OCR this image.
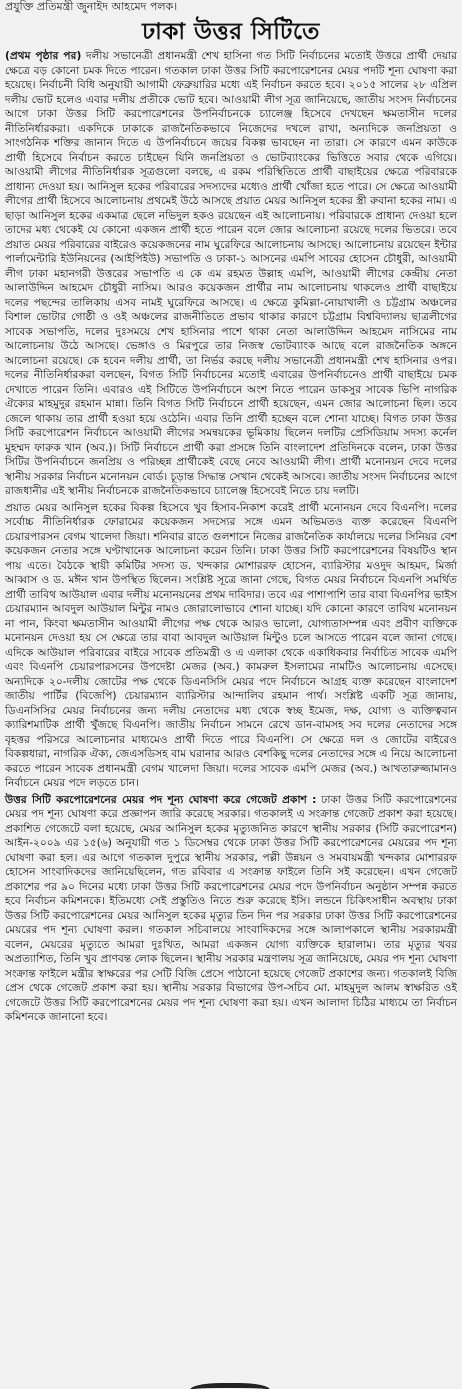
প্রযুক্তি প্রতিমন্ত্রী জুনাইদ আহমেদ পলক।
ঢাকা উত্তর সিটিতে

(প্রথম পৃষ্ঠার পর) দলীয় সভানেত্রী প্রধানমন্ত্রী শেখ হাসিনা গত সিটি নির্বাচনের মতোই উত্তরে প্রার্থী দেয়ার ক্ষেত্রে বড় কোনো চমক দিতে পারেন। গতকাল ঢাকা উত্তর সিটি করপোরেশনের মেয়র পদটি শূন্য ঘোষণা করা হয়েছে। নির্বাচনী বিধি অনুযায়ী আগামী ফেব্রুয়ারির মধ্যে এই নির্বাচন করতে হবে। ২০১৫ সালের ২৮ এপ্রিল দলীয় ভোট হলেও এবার দলীয় প্রতীকে ভোট হবে। আওয়ামী লীগ সূত্র জানিয়েছে, জাতীয় সংসদ নির্বাচনের আগে ঢাকা উত্তর সিটি করপোরেশনের উপনির্বাচনকে চ্যালেঞ্জ হিসেবে দেখছেন ক্ষমতাসীন দলের নীতিনির্ধারকরা। একদিকে ঢাকাকে রাজনৈতিকভাবে নিজেদের দখলে রাখা, অন্যদিকে জনপ্রিয়তা ও সাংগঠনিক শক্তির জানান দিতে এ উপনির্বাচনে জয়ের বিকল্প ভাবছেন না তারা। সে কারণে এমন কাউকে প্রার্থী হিসেবে নির্বাচন করতে চাইছেন যিনি জনপ্রিয়তা ও ভোটব্যাংকের ভিত্তিতে সবার থেকে এগিয়ে। আওয়ামী লীগের নীতিনির্ধারক সূত্রগুলো বলছে, এ রকম পরিস্থিতিতে প্রার্থী বাছাইয়ের ক্ষেত্রে পরিবারকে প্রাধান্য দেওয়া হয়। আনিসুল হকের পরিবারের সদস্যদের মধ্যেও প্রার্থী খোঁজা হতে পারে। সে ক্ষেত্রে আওয়ামী লীগের প্রার্থী হিসেবে আলোচনায় প্রথমেই উঠে আসছে প্রয়াত মেয়র আনিসুল হকের স্ত্রী রুবানা হকের নাম। এ ছাড়া আনিসুল হকের একমাত্র ছেলে নভিদুল হকও রয়েছেন এই আলোচনায়। পরিবারকে প্রাধান্য দেওয়া হলে তাদের মধ্য থেকেই যে কোনো একজন প্রার্থী হতে পারেন বলে জোর আলোচনা রয়েছে দলের ভিতরে। তবে প্রয়াত মেয়র পরিবারের বাইরেও কয়েকজনের নাম ঘুরেফিরে আলোচনায় আসছে। আলোচনায় রয়েছেন ইন্টার পার্লামেন্টারি ইউনিয়নের (আইপিইউ) সভাপতি ও ঢাকা-১ আসনের এমপি সাবের হোসেন চৌধুরী, আওয়ামী লীগ ঢাকা মহানগরী উত্তরের সভাপতি এ কে এম রহমত উল্লাহ এমপি, আওয়ামী লীগের কেন্দ্রীয় নেতা আলাউদ্দিন আহমেদ চৌধুরী নাসিম। আরও কয়েকজন প্রার্থীর নাম আলোচনায় থাকলেও প্রার্থী বাছাইয়ে দলের পছন্দের তালিকায় এসব নামই ঘুরেফিরে আসছে। এ ক্ষেত্রে কুমিল্লা-নোয়াখালী ও চট্টগ্রাম অঞ্চলের বিশাল ভোটার গোষ্ঠী ও ওই অঞ্চলের রাজনীতিতে প্রভাব থাকার কারণে চট্টগ্রাম বিশ্ববিদ্যালয় ছাত্রলীগের সাবেক সভাপতি, দলের দুঃসময়ে শেখ হাসিনার পাশে থাকা নেতা আলাউদ্দিন আহমেদ নাসিমের নাম আলোচনায় উঠে আসছে। ভেঙ্গাও ও মিরপুরে তার নিজস্ব ভোটব্যাংক আছে বলে রাজনৈতিক অঙ্গনে আলোচনা রয়েছে। কে হবেন দলীয় প্রার্থী, তা নির্ভর করছে দলীয় সভানেত্রী প্রধানমন্ত্রী শেখ হাসিনার ওপর। দলের নীতিনির্ধারকরা বলছেন, বিগত সিটি নির্বাচনের মতোই এবারের উপনির্বাচনেও প্রার্থী বাছাইয়ে চমক দেখাতে পারেন তিনি। এবারও এই সিটিতে উপনির্বাচনে অংশ নিতে পারেন ডাকসুর সাবেক ভিপি নাগরিক ঐক্যের মাহমুদুর রহমান মান্না। তিনি বিগত সিটি নির্বাচনে প্রার্থী হয়েছেন, এমন জোর আলোচনা ছিল। তবে জেলে থাকায় তার প্রার্থী হওয়া হয়ে ওঠেনি। এবার তিনি প্রার্থী হচ্ছেন বলে শোনা যাচ্ছে। বিগত ঢাকা উত্তর সিটি করপোরেশন নির্বাচনে আওয়ামী লীগের সমন্বয়কের ভূমিকায় ছিলেন দলটির প্রেসিডিয়াম সদস্য কর্নেল মুহম্মদ ফারুক খান (অব.)। সিটি নির্বাচনে প্রার্থী করা প্রসঙ্গে তিনি বাংলাদেশ প্রতিদিনকে বলেন, ঢাকা উত্তর সিটির উপনির্বাচনে জনপ্রিয় ও পরিচ্ছন্ন প্রার্থীকেই বেছে নেবে আওয়ামী লীগ। প্রার্থী মনোনয়ন দেবে দলের স্থানীয় সরকার নির্বাচন মনোনয়ন বোর্ড। চূড়ান্ত সিদ্ধান্ত সেখান থেকেই আসবে। জাতীয় সংসদ নির্বাচনের আগে রাজধানীর এই স্থানীয় নির্বাচনকে রাজনৈতিকভাবে চ্যালেঞ্জ হিসেবেই নিতে চায় দলটি।

প্রয়াত মেয়র আনিসুল হকের বিকল্প হিসেবে খুব হিসাব-নিকাশ করেই প্রার্থী মনোনয়ন দেবে বিএনপি। দলের সর্বোচ্চ নীতিনির্ধারক ফোরামের কয়েকজন সদস্যের সঙ্গে এমন অভিমতও ব্যক্ত করেছেন বিএনপি চেয়ারপারসন বেগম খালেদা জিয়া। শনিবার রাতে গুলশানে নিজের রাজনৈতিক কার্যালয়ে দলের সিনিয়র বেশ কয়েকজন নেতার সঙ্গে ঘণ্টাখানেক আলোচনা করেন তিনি। ঢাকা উত্তর সিটি করপোরেশনের বিষয়টিও স্থান পায় এতে। বৈঠকে স্থায়ী কমিটির সদস্য ড. খন্দকার মোশাররফ হোসেন, ব্যারিস্টার মওদুদ আহমদ, মির্জা আব্বাস ও ড. মঈন খান উপস্থিত ছিলেন। সংশ্লিষ্ট সূত্রে জানা গেছে, বিগত মেয়র নির্বাচনে বিএনপি সমর্থিত প্রার্থী তাবিথ আউয়াল এবার দলীয় মনোনয়নের প্রথম দাবিদার। তবে এর পাশাপাশি তার বাবা বিএনপির ভাইস চেয়ারম্যান আবদুল আউয়াল মিন্টুর নামও জোরালোভাবে শোনা যাচ্ছে। যদি কোনো কারণে তাবিথ মনোনয়ন না পান, কিংবা ক্ষমতাসীন আওয়ামী লীগের পক্ষ থেকে আরও ভালো, যোগ্যতাসম্পন্ন এবং প্রবীণ ব্যক্তিকে মনোনয়ন দেওয়া হয় সে ক্ষেত্রে তার বাবা আবদুল আউয়াল মিন্টুও চলে আসতে পারেন বলে জানা গেছে। এদিকে আউয়াল পরিবারের বাইরে সাবেক প্রতিমন্ত্রী ও এ এলাকা থেকে একাধিকবার নির্বাচিত সাবেক এমপি এবং বিএনপি চেয়ারপারসনের উপদেষ্টা মেজর (অব.) কামরুল ইসলামের নামটিও আলোচনায় এসেছে। অন্যদিকে ২০-দলীয় জোটের পক্ষ থেকে ডিএনসিসি মেয়র পদে নির্বাচনে আগ্রহ ব্যক্ত করেছেন বাংলাদেশ জাতীয় পার্টির (বিজেপি) চেয়ারম্যান ব্যারিস্টার আন্দালিব রহমান পার্থ। সংশ্লিষ্ট একটি সূত্র জানায়, ডিএনসিসির মেয়র নির্বাচনের জন্য দলীয় নেতাদের মধ্য থেকে স্বচ্ছ ইমেজ, দক্ষ, যোগ্য ও ব্যক্তিত্ববান ক্যারিশমাটিক প্রার্থী খুঁজছে বিএনপি। জাতীয় নির্বাচন সামনে রেখে ডান-বামসহ সব দলের নেতাদের সঙ্গে বৃহত্তর পরিসরে আলোচনার মাধ্যমেও প্রার্থী দিতে পারে বিএনপি। সে ক্ষেত্রে দল ও জোটের বাইরেও বিকল্পধারা, নাগরিক ঐক্য, জেএসডিসহ বাম ঘরানার আরও বেশকিছু দলের নেতাদের সঙ্গে এ নিয়ে আলোচনা করতে পারেন সাবেক প্রধানমন্ত্রী বেগম খালেদা জিয়া। দলের সাবেক এমপি মেজর (অব.) আখতারুজ্জামানও নির্বাচনে মেয়র পদে লড়তে চান।

উত্তর সিটি করপোরেশনের মেয়র পদ শূন্য ঘোষণা করে গেজেট প্রকাশ : ঢাকা উত্তর সিটি করপোরেশনের মেয়র পদ শূন্য ঘোষণা করে প্রজ্ঞাপন জারি করেছে সরকার। গতকালই এ সংক্রান্ত গেজেট প্রকাশ করা হয়েছে। প্রকাশিত গেজেটে বলা হয়েছে, মেয়র আনিসুল হকের মৃত্যুজনিত কারণে স্থানীয় সরকার (সিটি করপোরেশন) আইন-২০০৯ এর ১৫(৬) অনুযায়ী গত ১ ডিসেম্বর থেকে ঢাকা উত্তর সিটি করপোরেশনের মেয়রের পদ শূন্য ঘোষণা করা হল। এর আগে গতকাল দুপুরে স্থানীয় সরকার, পল্লী উন্নয়ন ও সমবায়মন্ত্রী খন্দকার মোশাররফ হোসেন সাংবাদিকদের জানিয়েছিলেন, গত রবিবার এ সংক্রান্ত ফাইলে তিনি সই করেছেন। এখন গেজেট প্রকাশের পর ৯০ দিনের মধ্যে ঢাকা উত্তর সিটি করপোরেশনের মেয়র পদে উপনির্বাচন অনুষ্ঠান সম্পন্ন করতে হবে নির্বাচন কমিশনকে। ইতিমধ্যে সেই প্রস্তুতিও নিতে শুরু করেছে ইসি। লন্ডনে চিকিৎসাধীন অবস্থায় ঢাকা উত্তর সিটি করপোরেশনের মেয়র আনিসুল হকের মৃত্যুর তিন দিন পর সরকার ঢাকা উত্তর সিটি করপোরেশনের মেয়রের পদ শূন্য ঘোষণা করল। গতকাল সচিবালয়ে সাংবাদিকদের সঙ্গে আলাপকালে স্থানীয় সরকারমন্ত্রী বলেন, মেয়রের মৃত্যুতে আমরা দুঃখিত, আমরা একজন যোগ্য ব্যক্তিকে হারালাম। তার মৃত্যুর খবর অপ্রত্যাশিত, তিনি খুব প্রাণবন্ত লোক ছিলেন। স্থানীয় সরকার মন্ত্রণালয় সূত্র জানিয়েছে, মেয়র পদ শূন্য ঘোষণা সংক্রান্ত ফাইলে মন্ত্রীর স্বাক্ষরের পর সেটি বিজি প্রেসে পাঠানো হয়েছে গেজেট প্রকাশের জন্য। গতকালই বিজি প্রেস থেকে গেজেট প্রকাশ করা হয়। স্থানীয় সরকার বিভাগের উপ-সচিব মো. মাহমুদুল আলম স্বাক্ষরিত ওই গেজেটে উত্তর সিটি করপোরেশনের মেয়র পদ শূন্য ঘোষণা করা হয়। এখন আলাদা চিঠির মাধ্যমে তা নির্বাচন কমিশনকে জানানো হবে।
